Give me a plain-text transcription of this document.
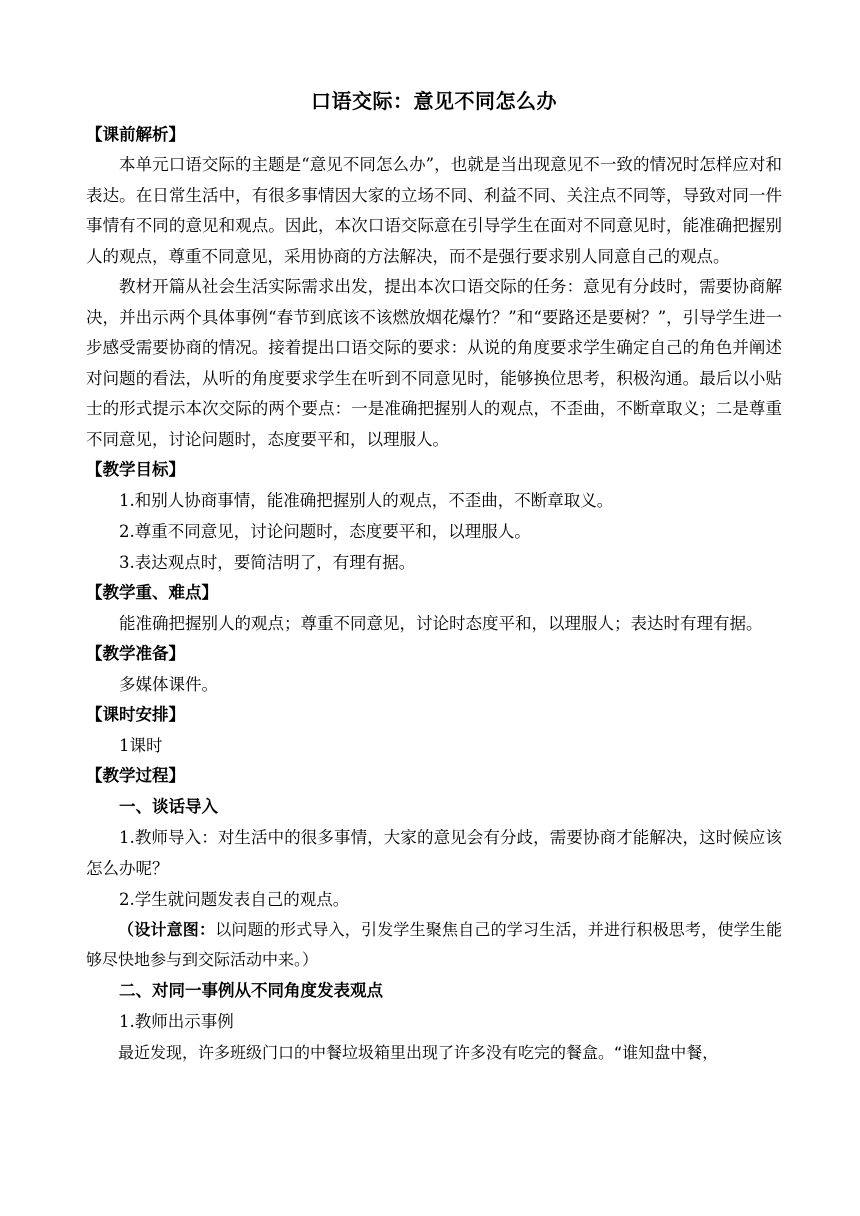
口语交际：意见不同怎么办
【课前解析】

本单元口语交际的主题是“意见不同怎么办”，也就是当出现意见不一致的情况时怎样应对和表达。在日常生活中，有很多事情因大家的立场不同、利益不同、关注点不同等，导致对同一件事情有不同的意见和观点。因此，本次口语交际意在引导学生在面对不同意见时，能准确把握别人的观点，尊重不同意见，采用协商的方法解决，而不是强行要求别人同意自己的观点。

教材开篇从社会生活实际需求出发，提出本次口语交际的任务：意见有分歧时，需要协商解决，并出示两个具体事例“春节到底该不该燃放烟花爆竹？”和“要路还是要树？”，引导学生进一步感受需要协商的情况。接着提出口语交际的要求：从说的角度要求学生确定自己的角色并阐述对问题的看法，从听的角度要求学生在听到不同意见时，能够换位思考，积极沟通。最后以小贴士的形式提示本次交际的两个要点：一是准确把握别人的观点，不歪曲，不断章取义；二是尊重不同意见，讨论问题时，态度要平和，以理服人。

【教学目标】

1.和别人协商事情，能准确把握别人的观点，不歪曲，不断章取义。

2.尊重不同意见，讨论问题时，态度要平和，以理服人。

3.表达观点时，要简洁明了，有理有据。

【教学重、难点】

能准确把握别人的观点；尊重不同意见，讨论时态度平和，以理服人；表达时有理有据。

【教学准备】

多媒体课件。

【课时安排】

1课时

【教学过程】

一、谈话导入

1.教师导入：对生活中的很多事情，大家的意见会有分歧，需要协商才能解决，这时候应该怎么办呢？

2.学生就问题发表自己的观点。

（设计意图：以问题的形式导入，引发学生聚焦自己的学习生活，并进行积极思考，使学生能够尽快地参与到交际活动中来。）

二、对同一事例从不同角度发表观点

1.教师出示事例

最近发现，许多班级门口的中餐垃圾箱里出现了许多没有吃完的餐盒。“谁知盘中餐，
